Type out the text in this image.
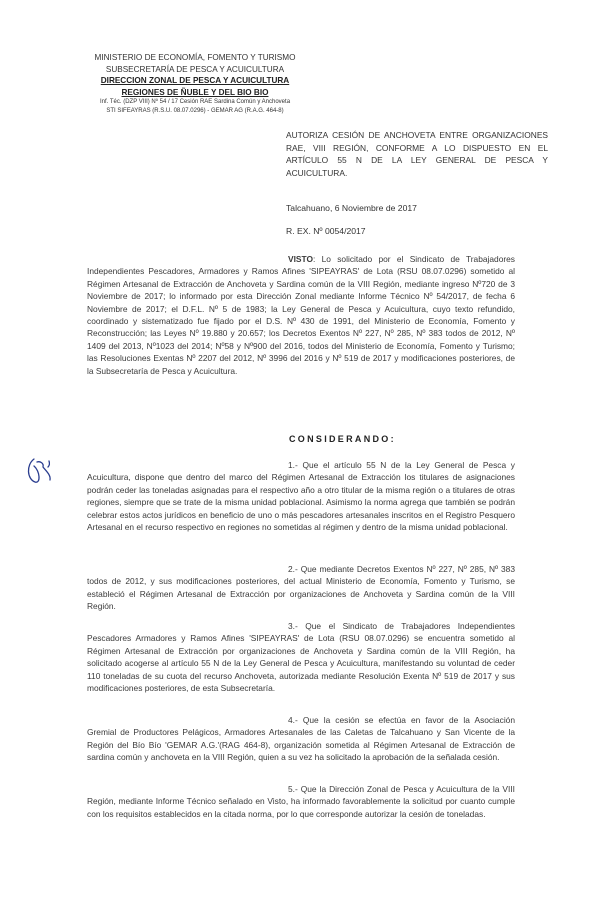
MINISTERIO DE ECONOMÍA, FOMENTO Y TURISMO
SUBSECRETARÍA DE PESCA Y ACUICULTURA
DIRECCION ZONAL DE PESCA Y ACUICULTURA
REGIONES DE ÑUBLE Y DEL BIO BIO
Inf. Téc. (DZP VIII) Nº 54 / 17 Cesión RAE Sardina Común y Anchoveta
STI SIFEAYRAS (R.S.U. 08.07.0296) - GEMAR AG (R.A.G. 464-8)
AUTORIZA CESIÓN DE ANCHOVETA ENTRE ORGANIZACIONES RAE, VIII REGIÓN, CONFORME A LO DISPUESTO EN EL ARTÍCULO 55 N DE LA LEY GENERAL DE PESCA Y ACUICULTURA.
Talcahuano, 6 Noviembre de 2017
R. EX. Nº 0054/2017
VISTO: Lo solicitado por el Sindicato de Trabajadores Independientes Pescadores, Armadores y Ramos Afines 'SIPEAYRAS' de Lota (RSU 08.07.0296) sometido al Régimen Artesanal de Extracción de Anchoveta y Sardina común de la VIII Región, mediante ingreso Nº720 de 3 Noviembre de 2017; lo informado por esta Dirección Zonal mediante Informe Técnico Nº 54/2017, de fecha 6 Noviembre de 2017; el D.F.L. Nº 5 de 1983; la Ley General de Pesca y Acuicultura, cuyo texto refundido, coordinado y sistematizado fue fijado por el D.S. Nº 430 de 1991, del Ministerio de Economía, Fomento y Reconstrucción; las Leyes Nº 19.880 y 20.657; los Decretos Exentos Nº 227, Nº 285, Nº 383 todos de 2012, Nº 1409 del 2013, Nº1023 del 2014; Nº58 y Nº900 del 2016, todos del Ministerio de Economía, Fomento y Turismo; las Resoluciones Exentas Nº 2207 del 2012, Nº 3996 del 2016 y Nº 519 de 2017 y modificaciones posteriores, de la Subsecretaría de Pesca y Acuicultura.
CONSIDERANDO:
1.- Que el artículo 55 N de la Ley General de Pesca y Acuicultura, dispone que dentro del marco del Régimen Artesanal de Extracción los titulares de asignaciones podrán ceder las toneladas asignadas para el respectivo año a otro titular de la misma región o a titulares de otras regiones, siempre que se trate de la misma unidad poblacional. Asimismo la norma agrega que también se podrán celebrar estos actos jurídicos en beneficio de uno o más pescadores artesanales inscritos en el Registro Pesquero Artesanal en el recurso respectivo en regiones no sometidas al régimen y dentro de la misma unidad poblacional.
2.- Que mediante Decretos Exentos Nº 227, Nº 285, Nº 383 todos de 2012, y sus modificaciones posteriores, del actual Ministerio de Economía, Fomento y Turismo, se estableció el Régimen Artesanal de Extracción por organizaciones de Anchoveta y Sardina común de la VIII Región.
3.- Que el Sindicato de Trabajadores Independientes Pescadores Armadores y Ramos Afines 'SIPEAYRAS' de Lota (RSU 08.07.0296) se encuentra sometido al Régimen Artesanal de Extracción por organizaciones de Anchoveta y Sardina común de la VIII Región, ha solicitado acogerse al artículo 55 N de la Ley General de Pesca y Acuicultura, manifestando su voluntad de ceder 110 toneladas de su cuota del recurso Anchoveta, autorizada mediante Resolución Exenta Nº 519 de 2017 y sus modificaciones posteriores, de esta Subsecretaría.
4.- Que la cesión se efectúa en favor de la Asociación Gremial de Productores Pelágicos, Armadores Artesanales de las Caletas de Talcahuano y San Vicente de la Región del Bío Bío 'GEMAR A.G.'(RAG 464-8), organización sometida al Régimen Artesanal de Extracción de sardina común y anchoveta en la VIII Región, quien a su vez ha solicitado la aprobación de la señalada cesión.
5.- Que la Dirección Zonal de Pesca y Acuicultura de la VIII Región, mediante Informe Técnico señalado en Visto, ha informado favorablemente la solicitud por cuanto cumple con los requisitos establecidos en la citada norma, por lo que corresponde autorizar la cesión de toneladas.
